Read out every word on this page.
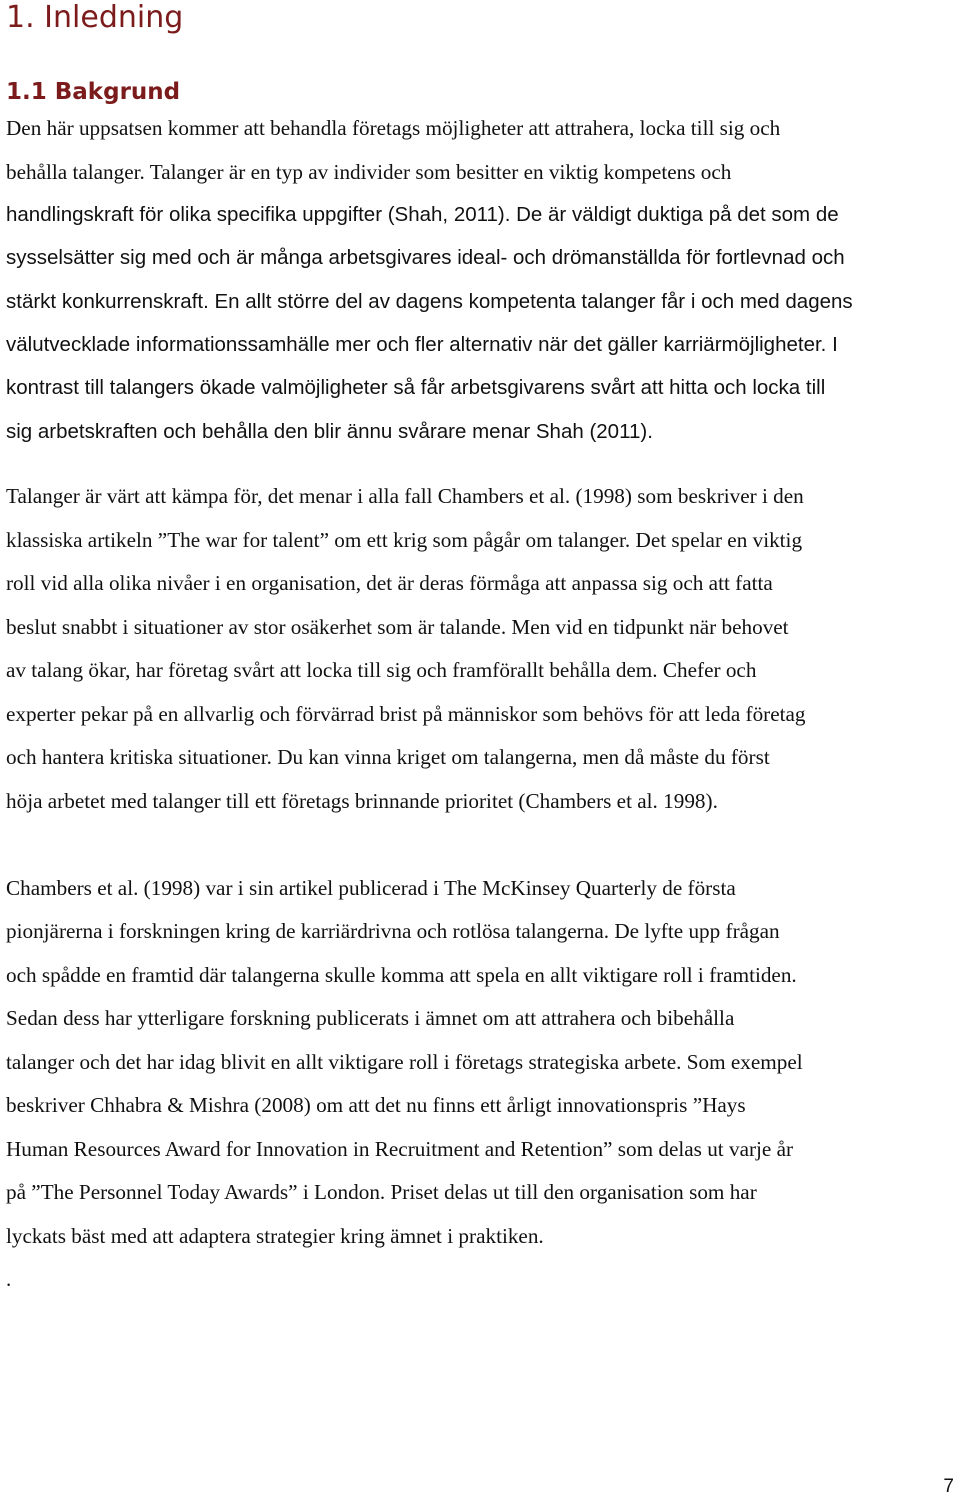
1. Inledning
1.1 Bakgrund

Den här uppsatsen kommer att behandla företags möjligheter att attrahera, locka till sig och

behålla talanger. Talanger är en typ av individer som besitter en viktig kompetens och

handlingskraft för olika specifika uppgifter (Shah, 2011). De är väldigt duktiga på det som de

sysselsätter sig med och är många arbetsgivares ideal- och drömanställda för fortlevnad och

stärkt konkurrenskraft. En allt större del av dagens kompetenta talanger får i och med dagens

välutvecklade informationssamhälle mer och fler alternativ när det gäller karriärmöjligheter. I

kontrast till talangers ökade valmöjligheter så får arbetsgivarens svårt att hitta och locka till

sig arbetskraften och behålla den blir ännu svårare menar Shah (2011).

Talanger är värt att kämpa för, det menar i alla fall Chambers et al. (1998) som beskriver i den

klassiska artikeln ”The war for talent” om ett krig som pågår om talanger. Det spelar en viktig

roll vid alla olika nivåer i en organisation, det är deras förmåga att anpassa sig och att fatta

beslut snabbt i situationer av stor osäkerhet som är talande. Men vid en tidpunkt när behovet

av talang ökar, har företag svårt att locka till sig och framförallt behålla dem. Chefer och

experter pekar på en allvarlig och förvärrad brist på människor som behövs för att leda företag

och hantera kritiska situationer. Du kan vinna kriget om talangerna, men då måste du först

höja arbetet med talanger till ett företags brinnande prioritet (Chambers et al. 1998).

Chambers et al. (1998) var i sin artikel publicerad i The McKinsey Quarterly de första

pionjärerna i forskningen kring de karriärdrivna och rotlösa talangerna. De lyfte upp frågan

och spådde en framtid där talangerna skulle komma att spela en allt viktigare roll i framtiden.

Sedan dess har ytterligare forskning publicerats i ämnet om att attrahera och bibehålla

talanger och det har idag blivit en allt viktigare roll i företags strategiska arbete. Som exempel

beskriver Chhabra & Mishra (2008) om att det nu finns ett årligt innovationspris ”Hays

Human Resources Award for Innovation in Recruitment and Retention” som delas ut varje år

på ”The Personnel Today Awards” i London. Priset delas ut till den organisation som har

lyckats bäst med att adaptera strategier kring ämnet i praktiken.

.

7
